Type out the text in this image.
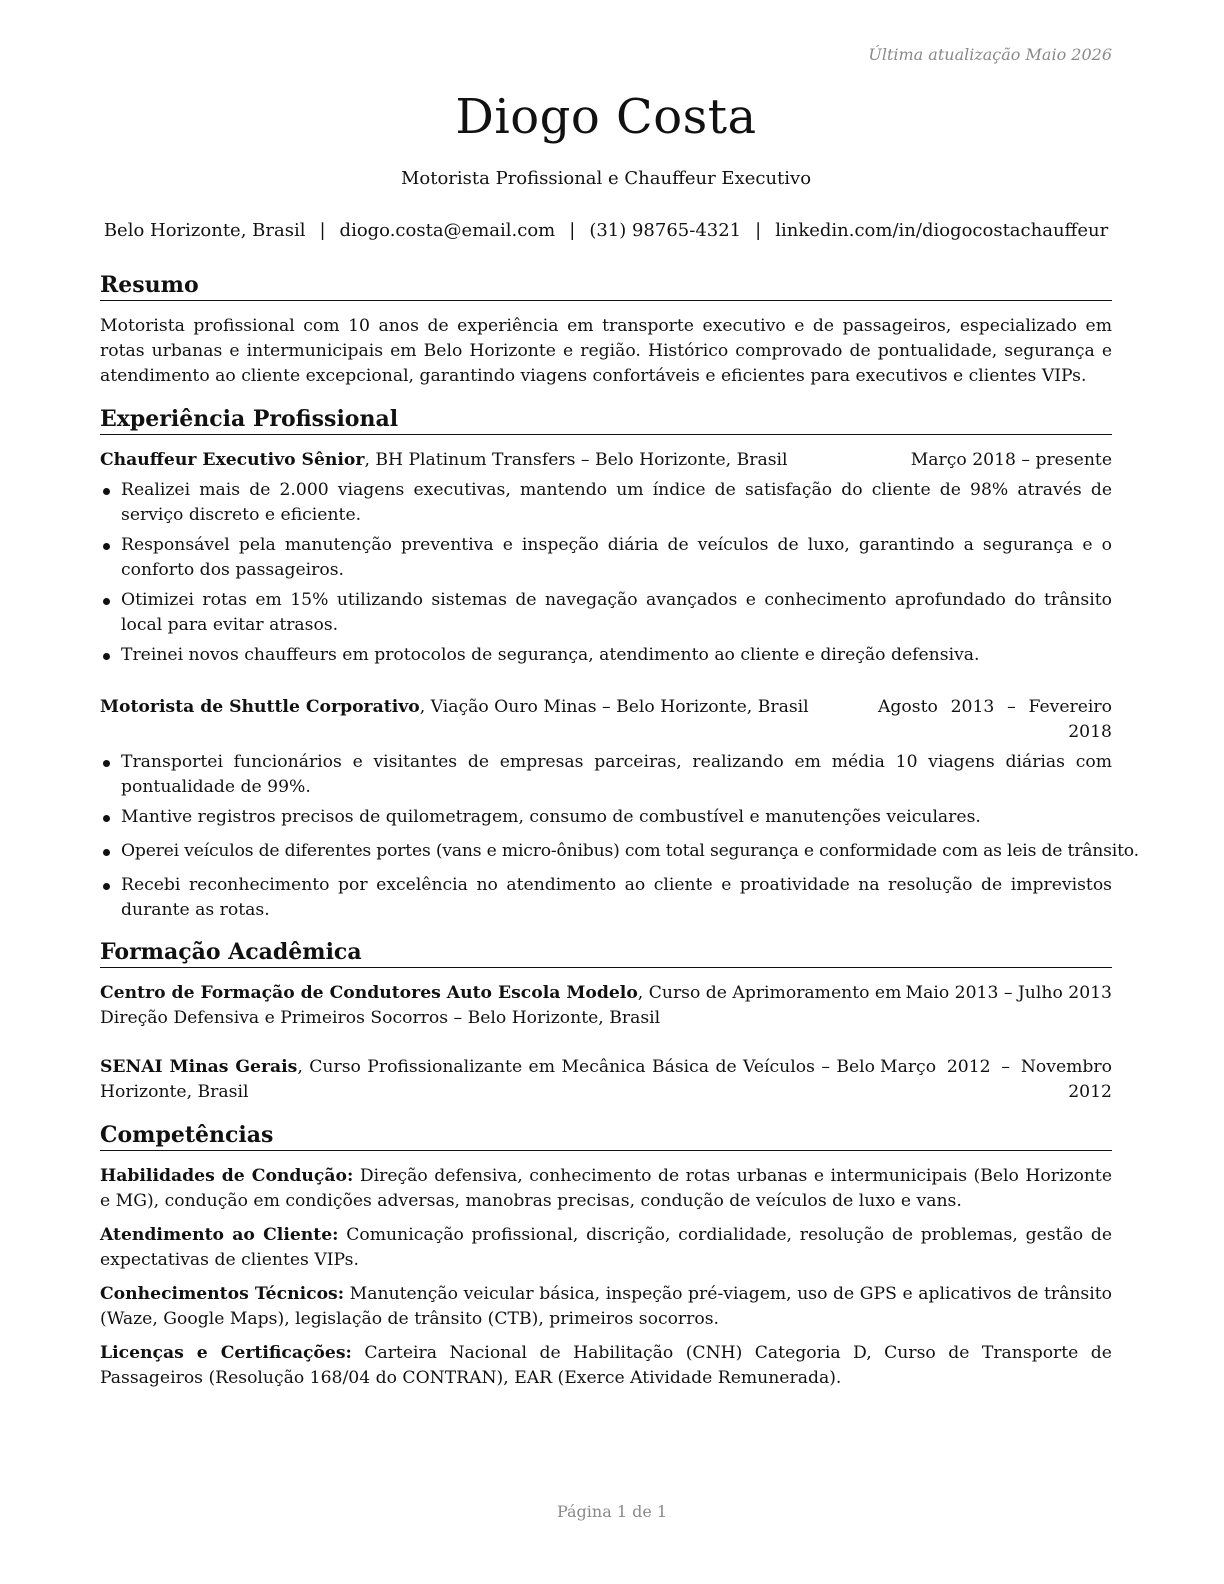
Última atualização Maio 2026
Diogo Costa
Motorista Profissional e Chauffeur Executivo
Belo Horizonte, Brasil | diogo.costa@email.com | (31) 98765-4321 | linkedin.com/in/diogocostachauffeur
Resumo
Motorista profissional com 10 anos de experiência em transporte executivo e de passageiros, especializado em rotas urbanas e intermunicipais em Belo Horizonte e região. Histórico comprovado de pontualidade, segurança e atendimento ao cliente excepcional, garantindo viagens confortáveis e eficientes para executivos e clientes VIPs.
Experiência Profissional
Chauffeur Executivo Sênior, BH Platinum Transfers – Belo Horizonte, Brasil	Março 2018 – presente
Realizei mais de 2.000 viagens executivas, mantendo um índice de satisfação do cliente de 98% através de serviço discreto e eficiente.
Responsável pela manutenção preventiva e inspeção diária de veículos de luxo, garantindo a segurança e o conforto dos passageiros.
Otimizei rotas em 15% utilizando sistemas de navegação avançados e conhecimento aprofundado do trânsito local para evitar atrasos.
Treinei novos chauffeurs em protocolos de segurança, atendimento ao cliente e direção defensiva.
Motorista de Shuttle Corporativo, Viação Ouro Minas – Belo Horizonte, Brasil	Agosto 2013 – Fevereiro
2018
Transportei funcionários e visitantes de empresas parceiras, realizando em média 10 viagens diárias com pontualidade de 99%.
Mantive registros precisos de quilometragem, consumo de combustível e manutenções veiculares.
Operei veículos de diferentes portes (vans e micro-ônibus) com total segurança e conformidade com as leis de trânsito.
Recebi reconhecimento por excelência no atendimento ao cliente e proatividade na resolução de imprevistos durante as rotas.
Formação Acadêmica
Centro de Formação de Condutores Auto Escola Modelo, Curso de Aprimoramento em
Direção Defensiva e Primeiros Socorros – Belo Horizonte, Brasil
Maio 2013 – Julho 2013
SENAI Minas Gerais, Curso Profissionalizante em Mecânica Básica de Veículos – Belo
Horizonte, Brasil
Março 2012 – Novembro
2012
Competências
Habilidades de Condução: Direção defensiva, conhecimento de rotas urbanas e intermunicipais (Belo Horizonte e MG), condução em condições adversas, manobras precisas, condução de veículos de luxo e vans.
Atendimento ao Cliente: Comunicação profissional, discrição, cordialidade, resolução de problemas, gestão de expectativas de clientes VIPs.
Conhecimentos Técnicos: Manutenção veicular básica, inspeção pré-viagem, uso de GPS e aplicativos de trânsito (Waze, Google Maps), legislação de trânsito (CTB), primeiros socorros.
Licenças e Certificações: Carteira Nacional de Habilitação (CNH) Categoria D, Curso de Transporte de Passageiros (Resolução 168/04 do CONTRAN), EAR (Exerce Atividade Remunerada).
Página 1 de 1
